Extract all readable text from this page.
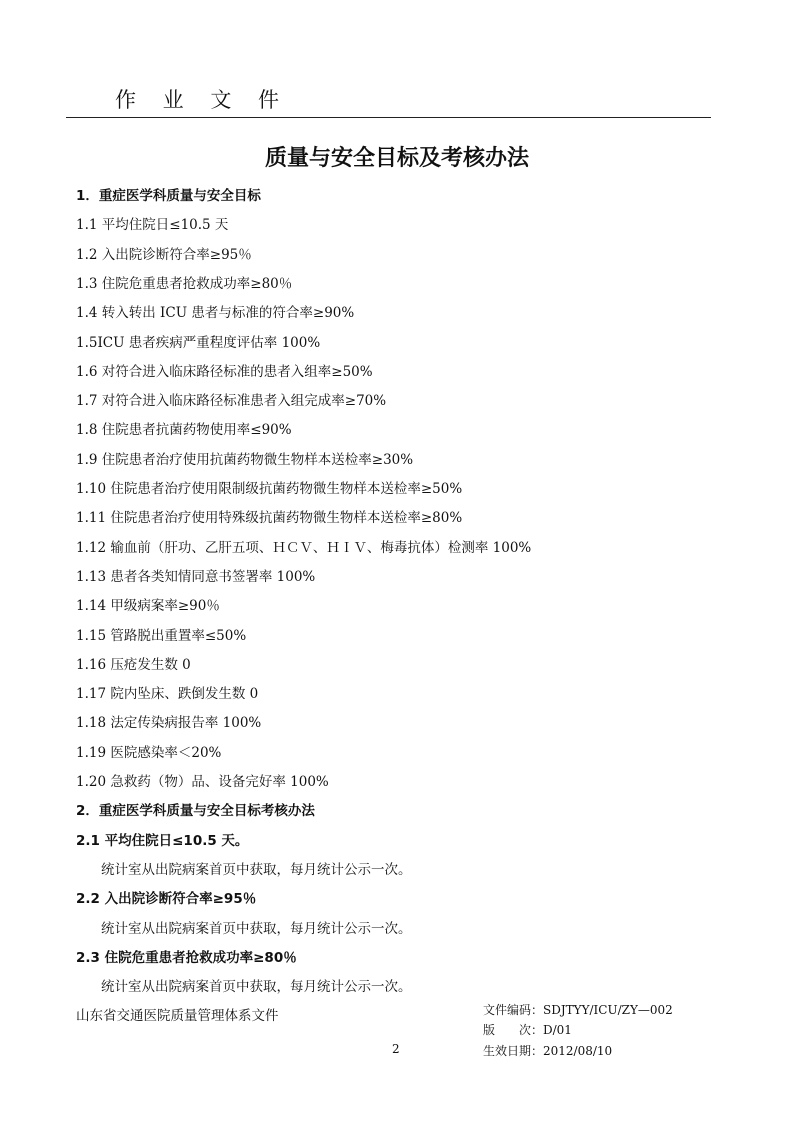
作 业 文 件
质量与安全目标及考核办法
1．重症医学科质量与安全目标
1.1 平均住院日≤10.5 天
1.2 入出院诊断符合率≥95％
1.3 住院危重患者抢救成功率≥80％
1.4 转入转出 ICU 患者与标准的符合率≥90%
1.5ICU 患者疾病严重程度评估率 100%
1.6 对符合进入临床路径标准的患者入组率≥50%
1.7 对符合进入临床路径标准患者入组完成率≥70%
1.8 住院患者抗菌药物使用率≤90%
1.9 住院患者治疗使用抗菌药物微生物样本送检率≥30%
1.10 住院患者治疗使用限制级抗菌药物微生物样本送检率≥50%
1.11 住院患者治疗使用特殊级抗菌药物微生物样本送检率≥80%
1.12 输血前（肝功、乙肝五项、ＨＣＶ、ＨＩＶ、梅毒抗体）检测率 100%
1.13 患者各类知情同意书签署率 100%
1.14 甲级病案率≥90％
1.15 管路脱出重置率≤50%
1.16 压疮发生数 0
1.17 院内坠床、跌倒发生数 0
1.18 法定传染病报告率 100%
1.19 医院感染率＜20%
1.20 急救药（物）品、设备完好率 100%
2．重症医学科质量与安全目标考核办法
2.1 平均住院日≤10.5 天。
统计室从出院病案首页中获取，每月统计公示一次。
2.2 入出院诊断符合率≥95％
统计室从出院病案首页中获取，每月统计公示一次。
2.3 住院危重患者抢救成功率≥80％
统计室从出院病案首页中获取，每月统计公示一次。
山东省交通医院质量管理体系文件	文件编码：SDJTYY/ICU/ZY—002
版　　次：D/01
生效日期：2012/08/10
2
